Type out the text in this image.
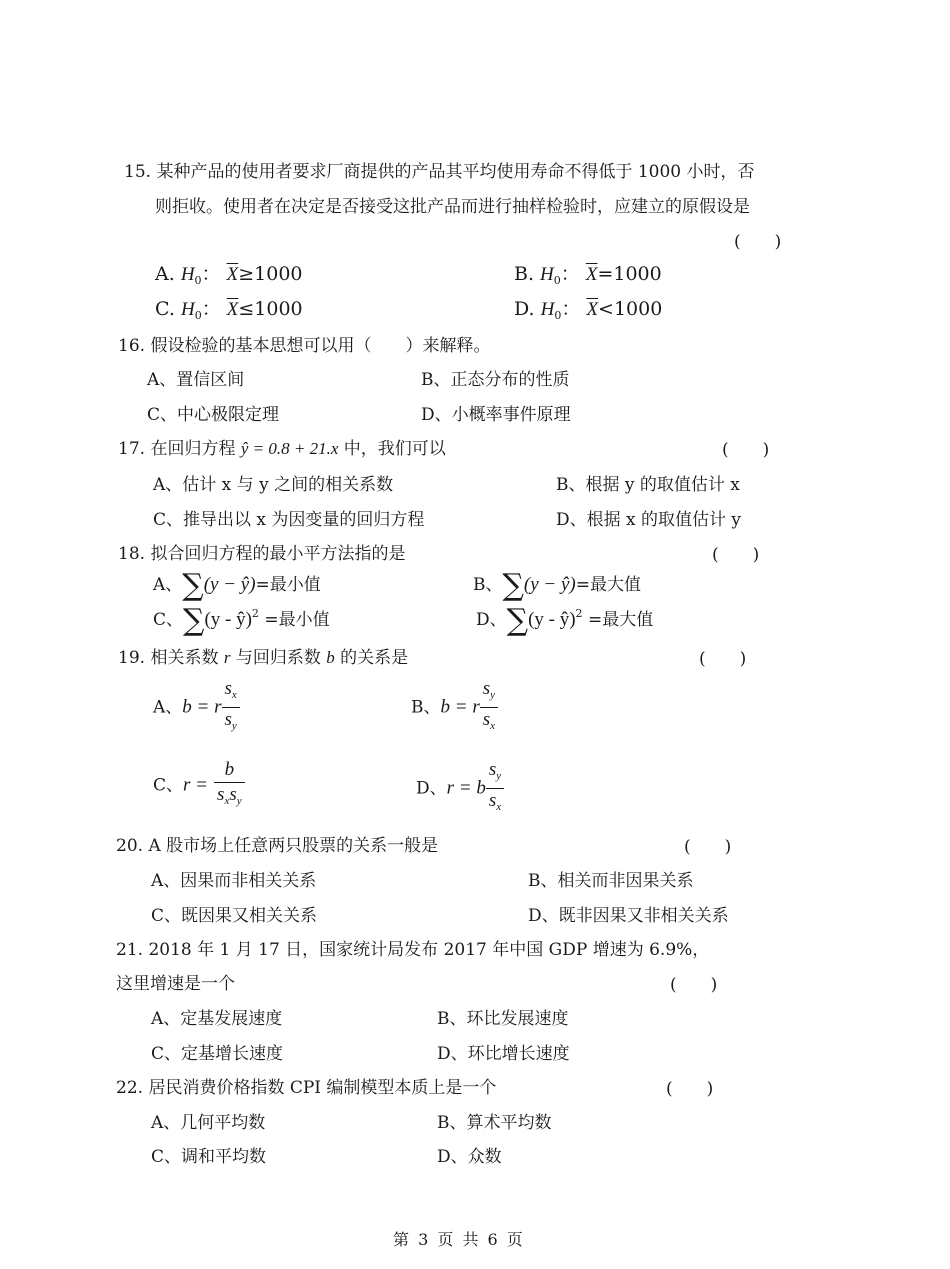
15. 某种产品的使用者要求厂商提供的产品其平均使用寿命不得低于 1000 小时，否
则拒收。使用者在决定是否接受这批产品而进行抽样检验时，应建立的原假设是
(　　)
A. $H_0$： $\overline{X}\ge 1000$	B. $H_0$： $\overline{X}=1000$
C. $H_0$： $\overline{X}\le 1000$	D. $H_0$： $\overline{X}<1000$
16. 假设检验的基本思想可以用（　　）来解释。
A、置信区间	B、正态分布的性质
C、中心极限定理	D、小概率事件原理
17. 在回归方程 ŷ = 0.8 + 21.x 中，我们可以	(　　)
A、估计 x 与 y 之间的相关系数	B、根据 y 的取值估计 x
C、推导出以 x 为因变量的回归方程	D、根据 x 的取值估计 y
18. 拟合回归方程的最小平方法指的是	(　　)
A、∑(y − ŷ)=最小值	B、∑(y − ŷ)=最大值
C、∑(y - ŷ)$^2$ =最小值	D、∑(y - ŷ)$^2$ =最大值
19. 相关系数 r 与回归系数 b 的关系是	(　　)
A、b = r $\frac{s_x}{s_y}$	B、b = r $\frac{s_y}{s_x}$
C、$r = \frac{b}{s_xs_y}$	D、r = b $\frac{s_y}{s_x}$
20. A 股市场上任意两只股票的关系一般是	(　　)
A、因果而非相关关系	B、相关而非因果关系
C、既因果又相关关系	D、既非因果又非相关关系
21. 2018 年 1 月 17 日，国家统计局发布 2017 年中国 GDP 增速为 6.9%，
这里增速是一个	(　　)
A、定基发展速度	B、环比发展速度
C、定基增长速度	D、环比增长速度
22. 居民消费价格指数 CPI 编制模型本质上是一个	(　　)
A、几何平均数	B、算术平均数
C、调和平均数	D、众数
第 3 页 共 6 页
